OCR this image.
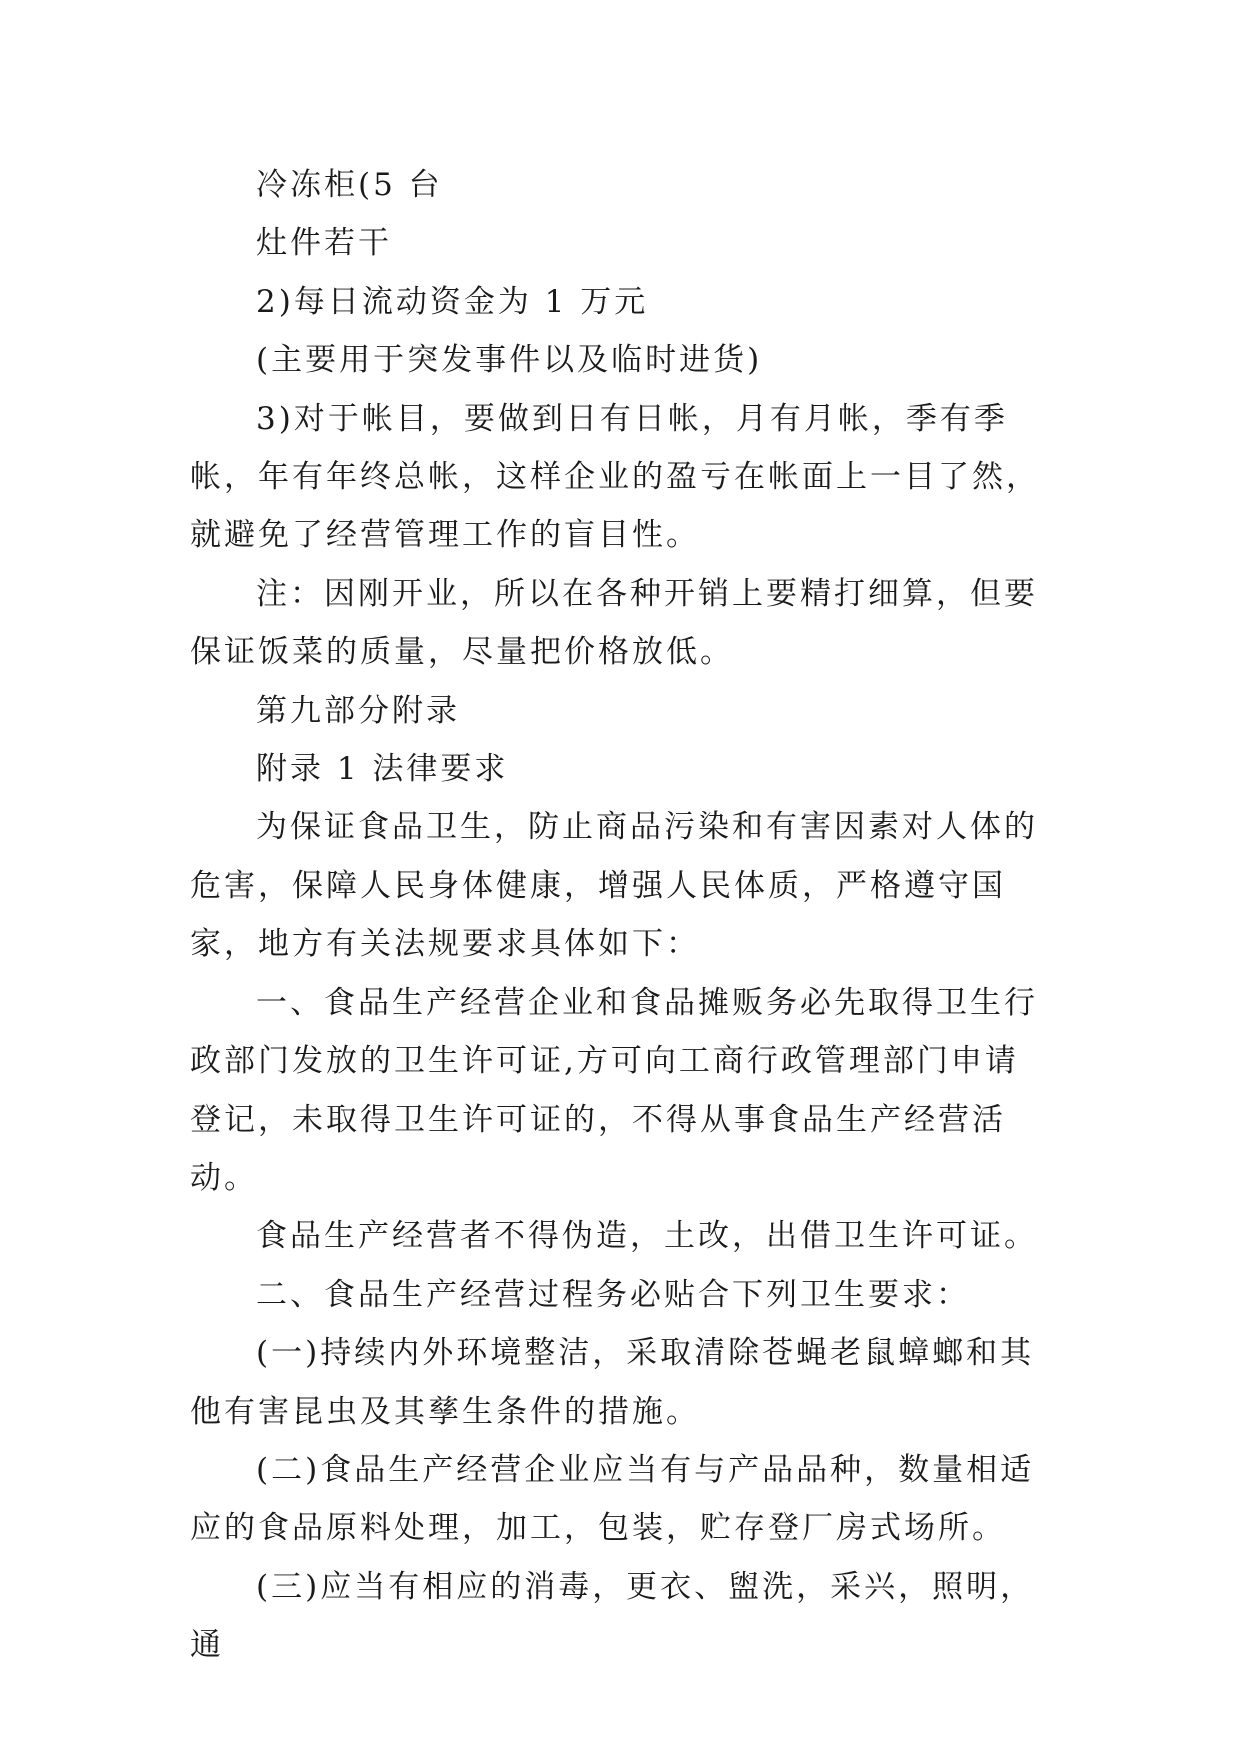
冷冻柜(5 台

灶件若干

2)每日流动资金为 1 万元

(主要用于突发事件以及临时进货)

3)对于帐目，要做到日有日帐，月有月帐，季有季帐，年有年终总帐，这样企业的盈亏在帐面上一目了然，就避免了经营管理工作的盲目性。

注：因刚开业，所以在各种开销上要精打细算，但要保证饭菜的质量，尽量把价格放低。

第九部分附录

附录 1 法律要求

为保证食品卫生，防止商品污染和有害因素对人体的危害，保障人民身体健康，增强人民体质，严格遵守国家，地方有关法规要求具体如下：

一、食品生产经营企业和食品摊贩务必先取得卫生行政部门发放的卫生许可证,方可向工商行政管理部门申请登记，未取得卫生许可证的，不得从事食品生产经营活动。

食品生产经营者不得伪造，土改，出借卫生许可证。

二、食品生产经营过程务必贴合下列卫生要求：

(一)持续内外环境整洁，采取清除苍蝇老鼠蟑螂和其他有害昆虫及其孳生条件的措施。

(二)食品生产经营企业应当有与产品品种，数量相适应的食品原料处理，加工，包装，贮存登厂房式场所。

(三)应当有相应的消毒，更衣、盥洗，采兴，照明，通
